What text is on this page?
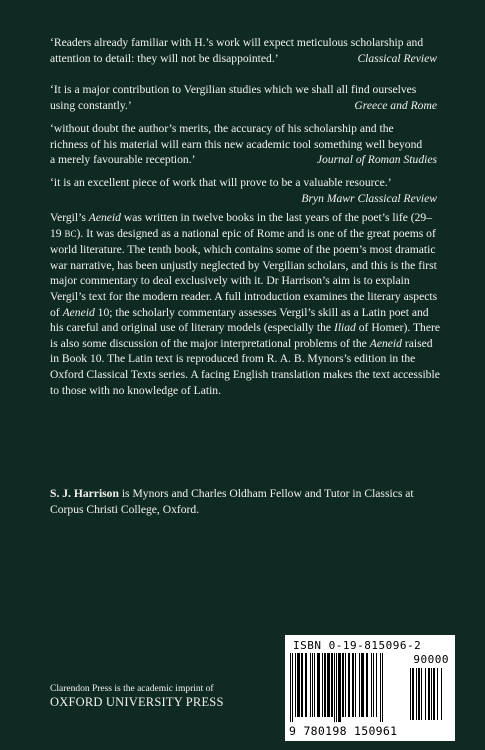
‘Readers already familiar with H.’s work will expect meticulous scholarship and
attention to detail: they will not be disappointed.’	Classical Review
‘It is a major contribution to Vergilian studies which we shall all find ourselves
using constantly.’	Greece and Rome
‘without doubt the author’s merits, the accuracy of his scholarship and the
richness of his material will earn this new academic tool something well beyond
a merely favourable reception.’	Journal of Roman Studies
‘it is an excellent piece of work that will prove to be a valuable resource.’
Bryn Mawr Classical Review
Vergil’s Aeneid was written in twelve books in the last years of the poet’s life (29–19 BC). It was designed as a national epic of Rome and is one of the great poems of world literature. The tenth book, which contains some of the poem’s most dramatic war narrative, has been unjustly neglected by Vergilian scholars, and this is the first major commentary to deal exclusively with it. Dr Harrison’s aim is to explain Vergil’s text for the modern reader. A full introduction examines the literary aspects of Aeneid 10; the scholarly commentary assesses Vergil’s skill as a Latin poet and his careful and original use of literary models (especially the Iliad of Homer). There is also some discussion of the major interpretational problems of the Aeneid raised in Book 10. The Latin text is reproduced from R. A. B. Mynors’s edition in the Oxford Classical Texts series. A facing English translation makes the text accessible to those with no knowledge of Latin.
S. J. Harrison is Mynors and Charles Oldham Fellow and Tutor in Classics at Corpus Christi College, Oxford.
Clarendon Press is the academic imprint of
OXFORD UNIVERSITY PRESS
ISBN 0-19-815096-2
90000
9 780198 150961
